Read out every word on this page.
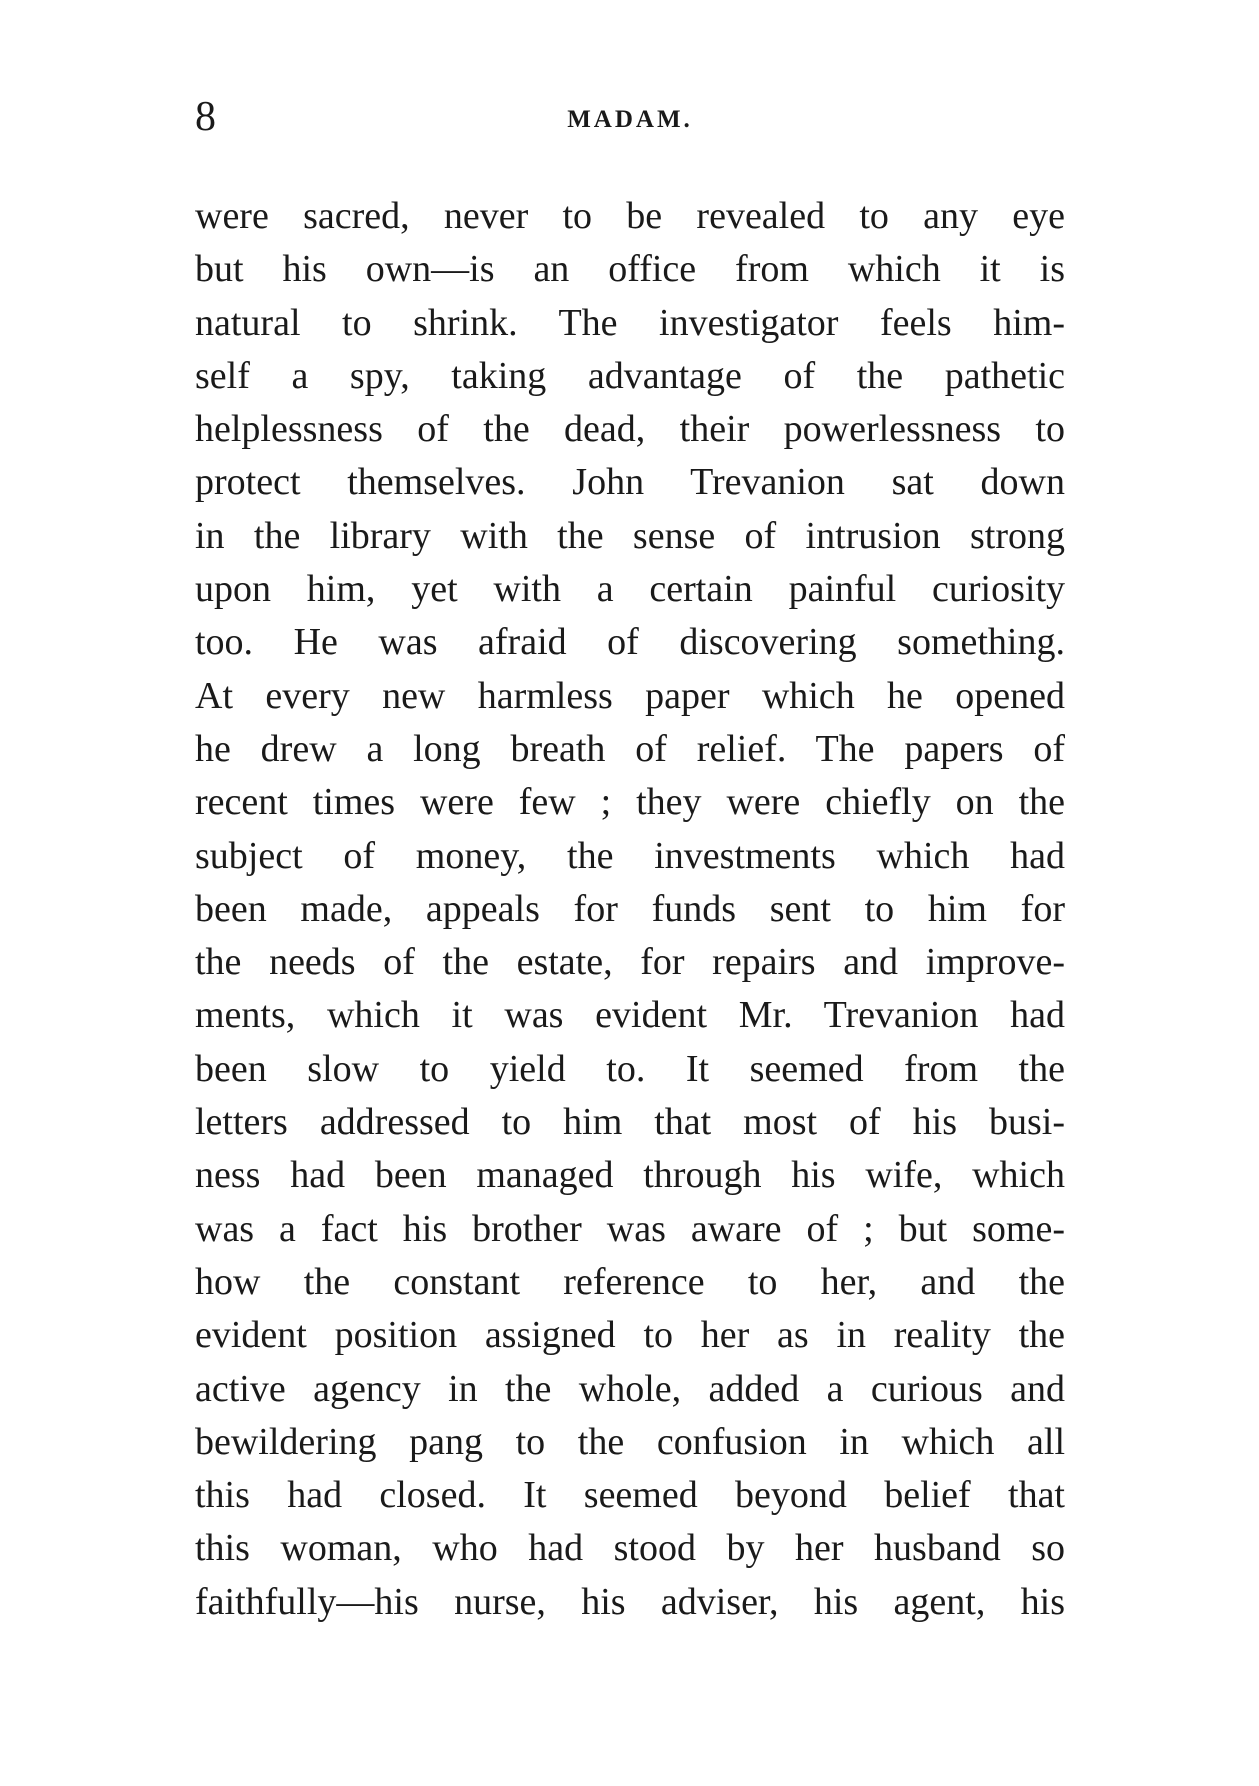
8	MADAM.
were sacred, never to be revealed to any eye
but his own—is an office from which it is
natural to shrink. The investigator feels him-
self a spy, taking advantage of the pathetic
helplessness of the dead, their powerlessness to
protect themselves. John Trevanion sat down
in the library with the sense of intrusion strong
upon him, yet with a certain painful curiosity
too. He was afraid of discovering something.
At every new harmless paper which he opened
he drew a long breath of relief. The papers of
recent times were few ; they were chiefly on the
subject of money, the investments which had
been made, appeals for funds sent to him for
the needs of the estate, for repairs and improve-
ments, which it was evident Mr. Trevanion had
been slow to yield to. It seemed from the
letters addressed to him that most of his busi-
ness had been managed through his wife, which
was a fact his brother was aware of ; but some-
how the constant reference to her, and the
evident position assigned to her as in reality the
active agency in the whole, added a curious and
bewildering pang to the confusion in which all
this had closed. It seemed beyond belief that
this woman, who had stood by her husband so
faithfully—his nurse, his adviser, his agent, his
